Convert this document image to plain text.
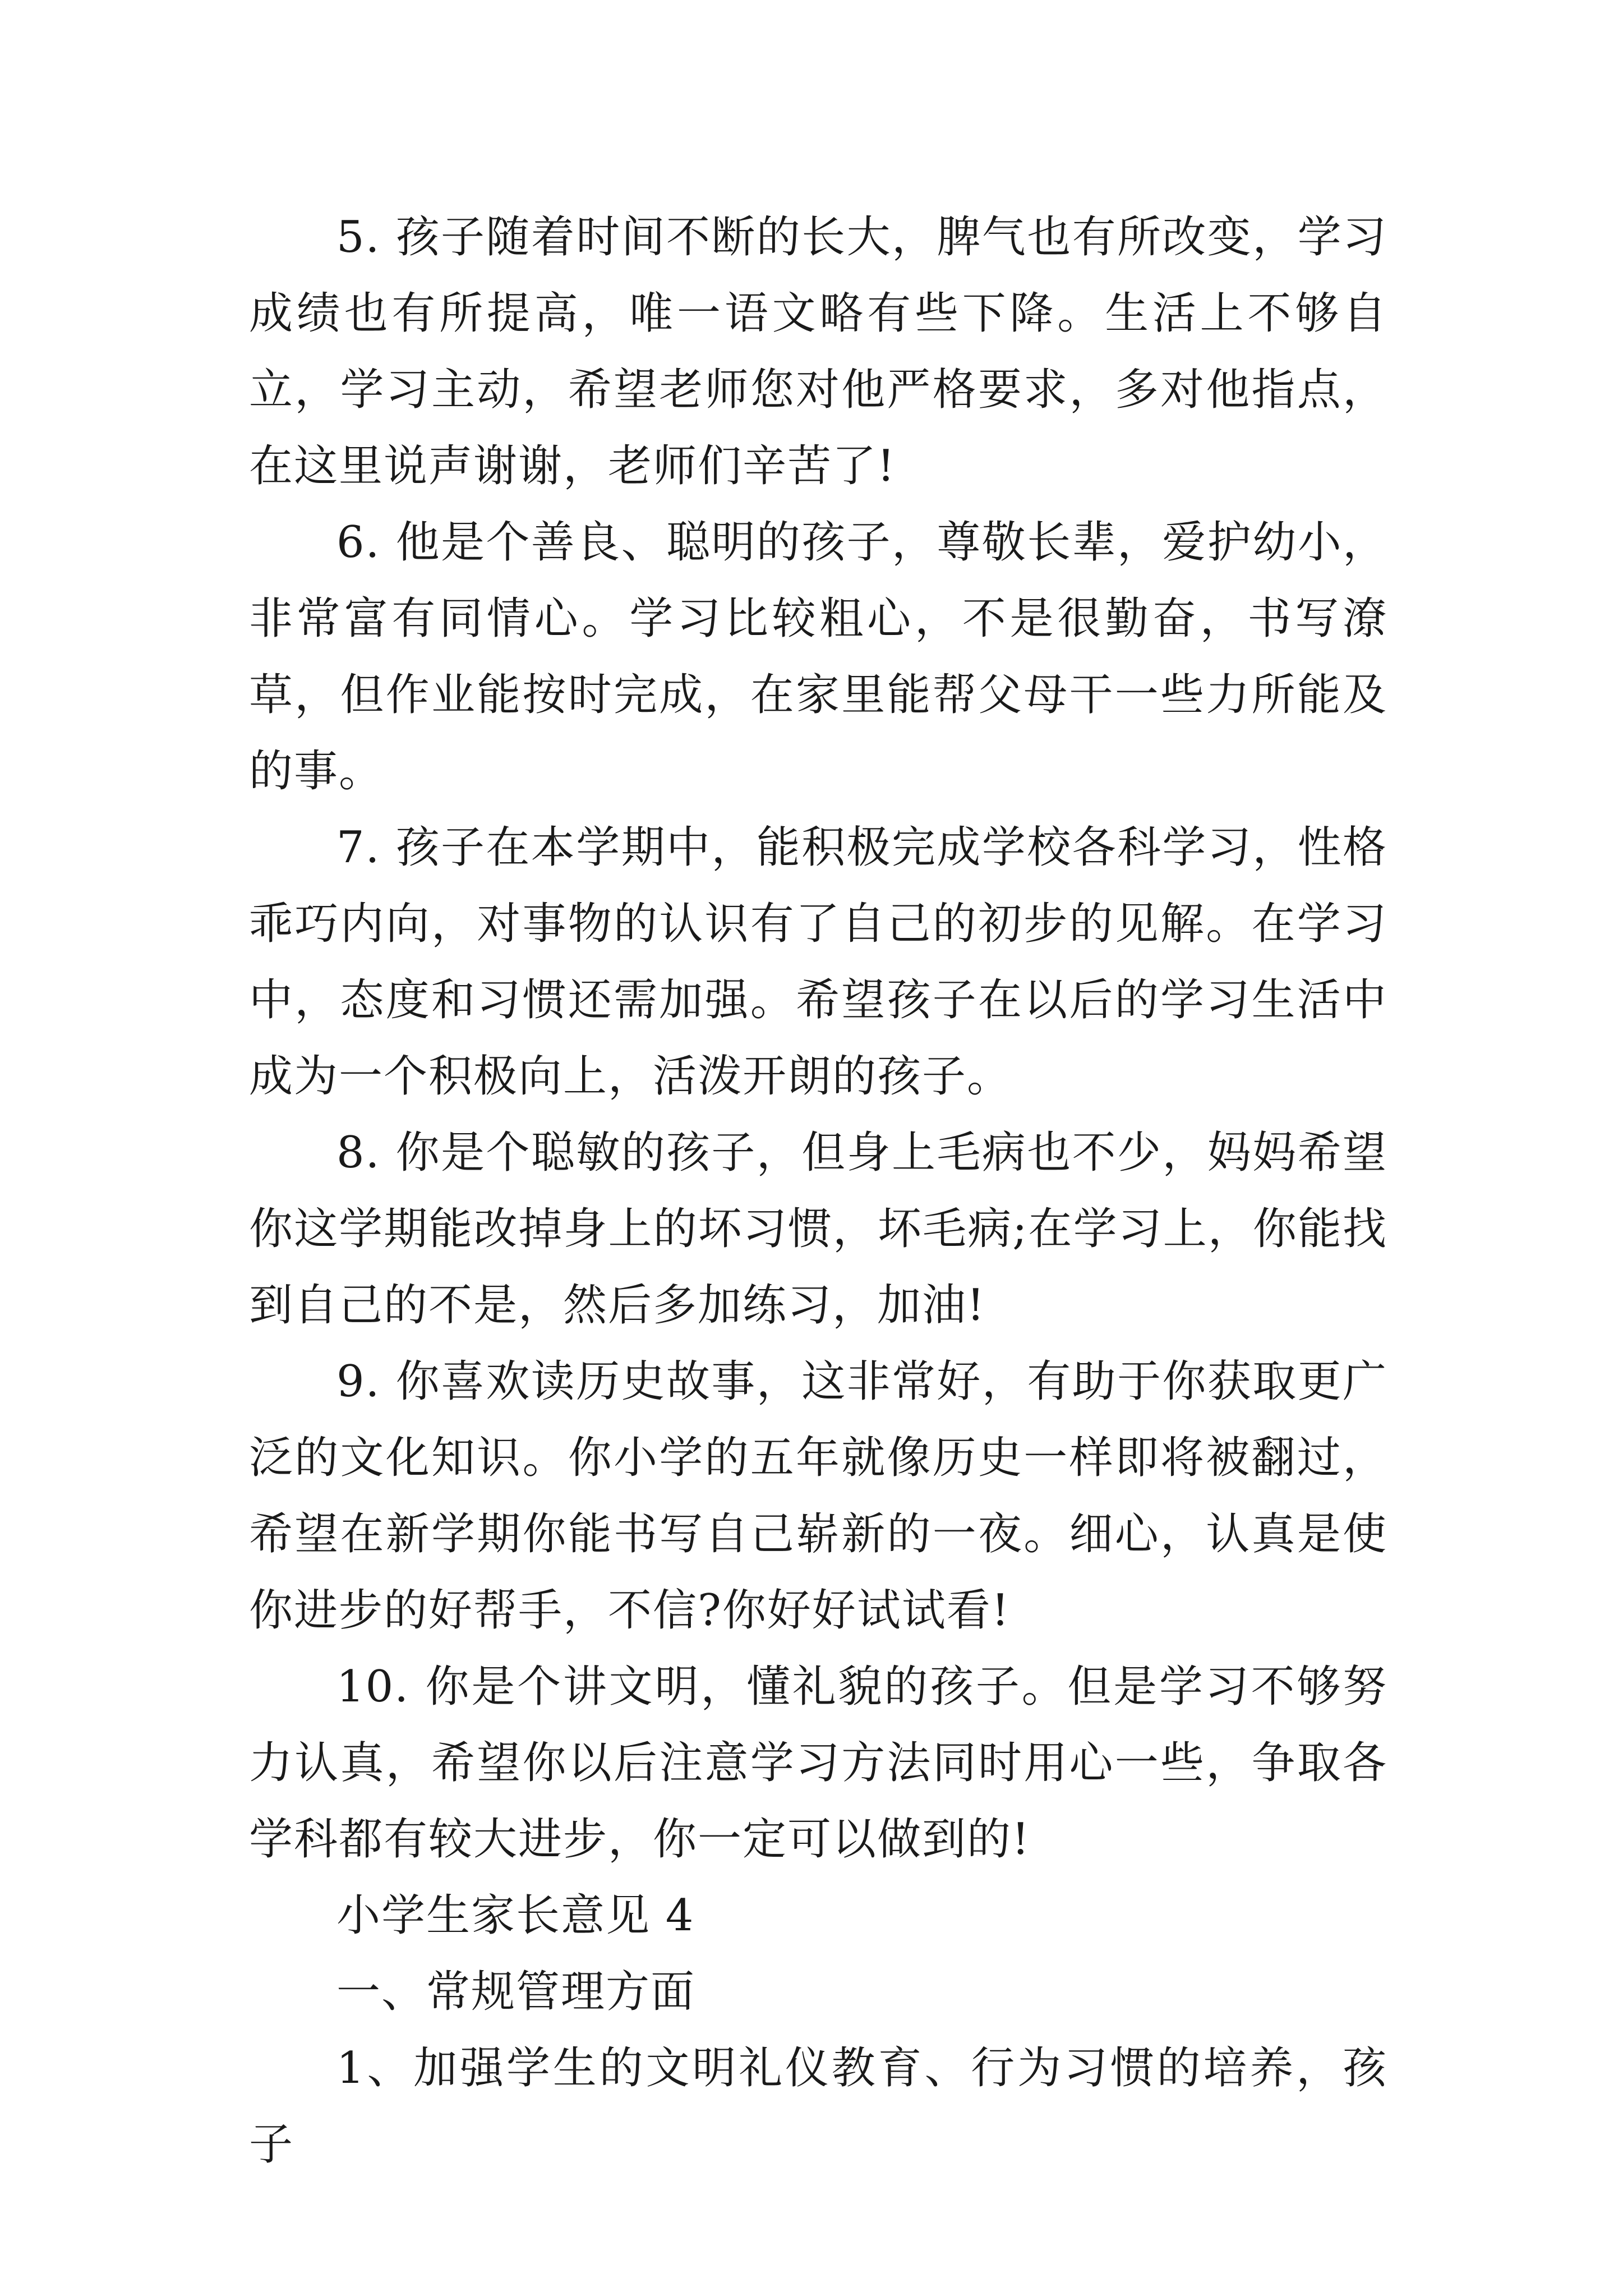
5. 孩子随着时间不断的长大，脾气也有所改变，学习成绩也有所提高，唯一语文略有些下降。生活上不够自立，学习主动，希望老师您对他严格要求，多对他指点，在这里说声谢谢，老师们辛苦了!

6. 他是个善良、聪明的孩子，尊敬长辈，爱护幼小，非常富有同情心。学习比较粗心，不是很勤奋，书写潦草，但作业能按时完成，在家里能帮父母干一些力所能及的事。

7. 孩子在本学期中，能积极完成学校各科学习，性格乖巧内向，对事物的认识有了自己的初步的见解。在学习中，态度和习惯还需加强。希望孩子在以后的学习生活中成为一个积极向上，活泼开朗的孩子。

8. 你是个聪敏的孩子，但身上毛病也不少，妈妈希望你这学期能改掉身上的坏习惯，坏毛病;在学习上，你能找到自己的不是，然后多加练习，加油!

9. 你喜欢读历史故事，这非常好，有助于你获取更广泛的文化知识。你小学的五年就像历史一样即将被翻过，希望在新学期你能书写自己崭新的一夜。细心，认真是使你进步的好帮手，不信?你好好试试看!

10. 你是个讲文明，懂礼貌的孩子。但是学习不够努力认真，希望你以后注意学习方法同时用心一些，争取各学科都有较大进步，你一定可以做到的!

小学生家长意见 4

一、常规管理方面

1、加强学生的文明礼仪教育、行为习惯的培养，孩子
